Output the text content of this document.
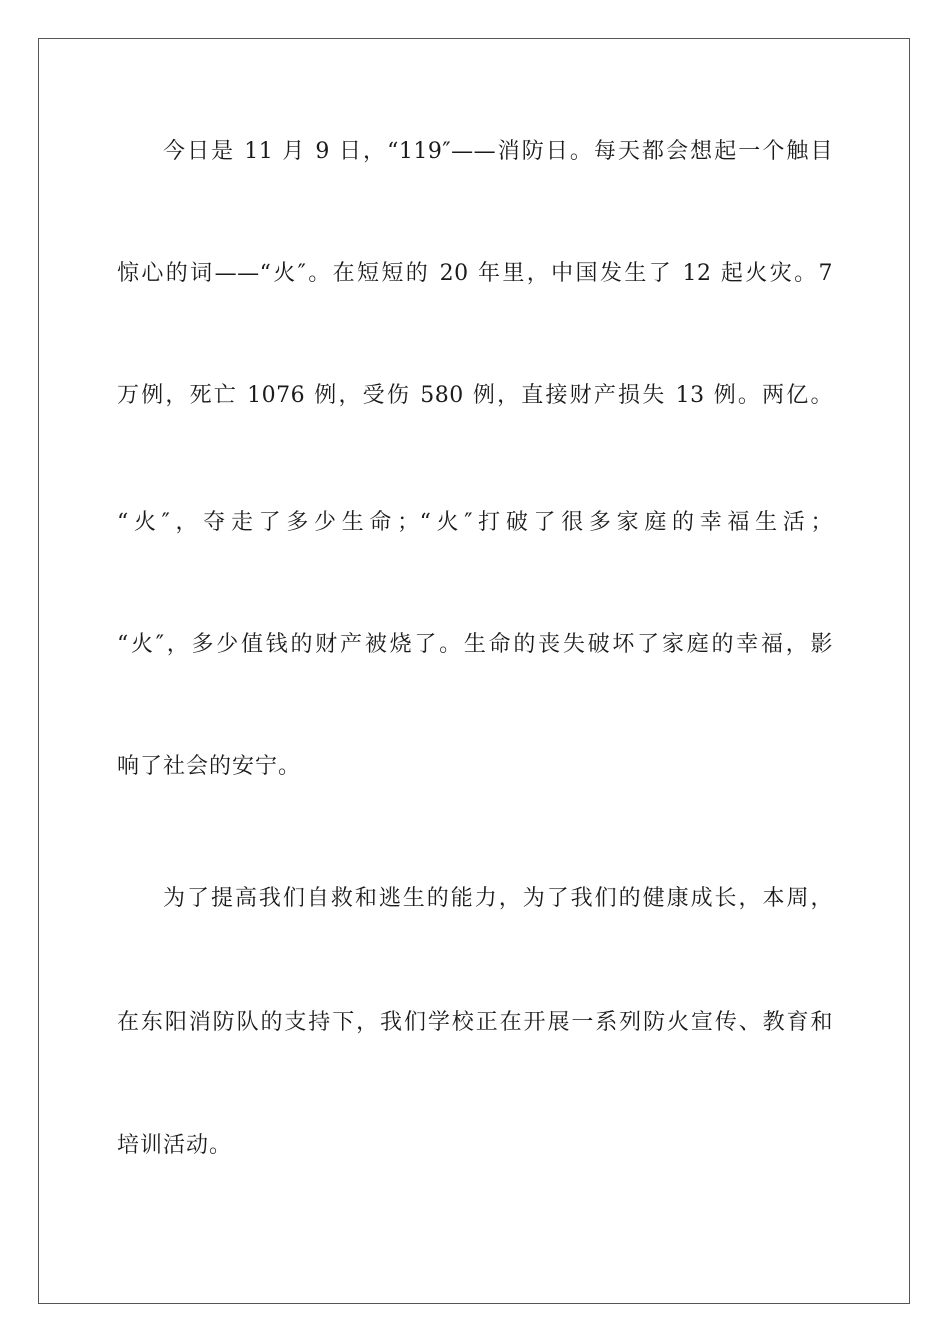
今日是 11 月 9 日，“119″——消防日。每天都会想起一个触目
惊心的词——“火″。在短短的 20 年里，中国发生了 12 起火灾。7
万例，死亡 1076 例，受伤 580 例，直接财产损失 13 例。两亿。
“火″，夺走了多少生命；“火″打破了很多家庭的幸福生活；
“火″，多少值钱的财产被烧了。生命的丧失破坏了家庭的幸福，影
响了社会的安宁。
为了提高我们自救和逃生的能力，为了我们的健康成长，本周，
在东阳消防队的支持下，我们学校正在开展一系列防火宣传、教育和
培训活动。
